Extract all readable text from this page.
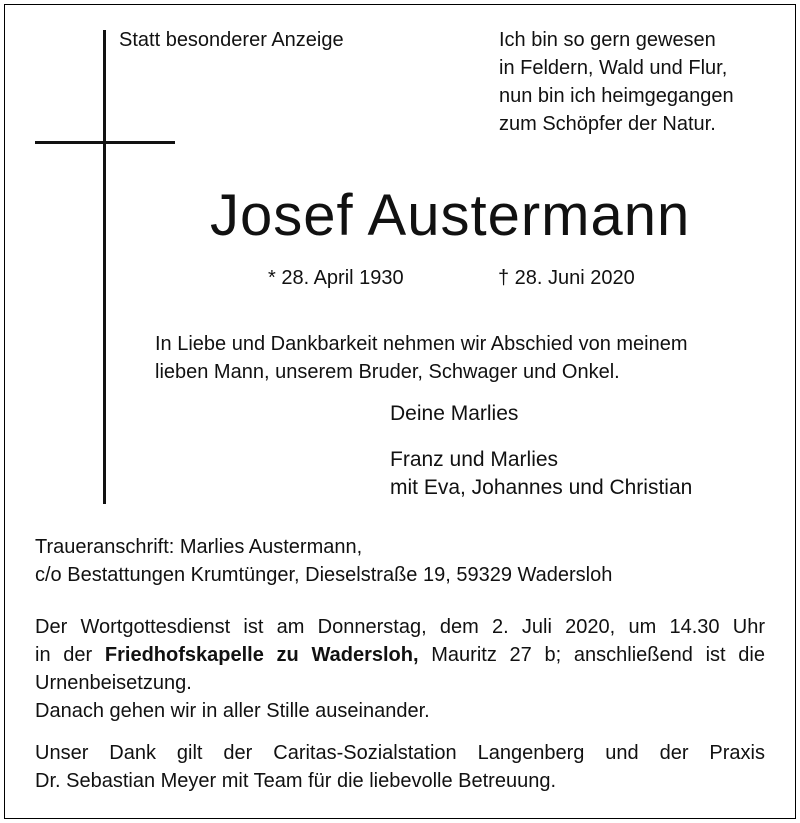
Statt besonderer Anzeige	Ich bin so gern gewesen
in Feldern, Wald und Flur,
nun bin ich heimgegangen
zum Schöpfer der Natur.
Josef Austermann
* 28. April 1930	† 28. Juni 2020
In Liebe und Dankbarkeit nehmen wir Abschied von meinem
lieben Mann, unserem Bruder, Schwager und Onkel.
Deine Marlies
Franz und Marlies
mit Eva, Johannes und Christian
Traueranschrift: Marlies Austermann,
c/o Bestattungen Krumtünger, Dieselstraße 19, 59329 Wadersloh
Der Wortgottesdienst ist am Donnerstag, dem 2. Juli 2020, um 14.30 Uhr
in der Friedhofskapelle zu Wadersloh, Mauritz 27 b; anschließend ist die
Urnenbeisetzung.
Danach gehen wir in aller Stille auseinander.
Unser Dank gilt der Caritas-Sozialstation Langenberg und der Praxis
Dr. Sebastian Meyer mit Team für die liebevolle Betreuung.
